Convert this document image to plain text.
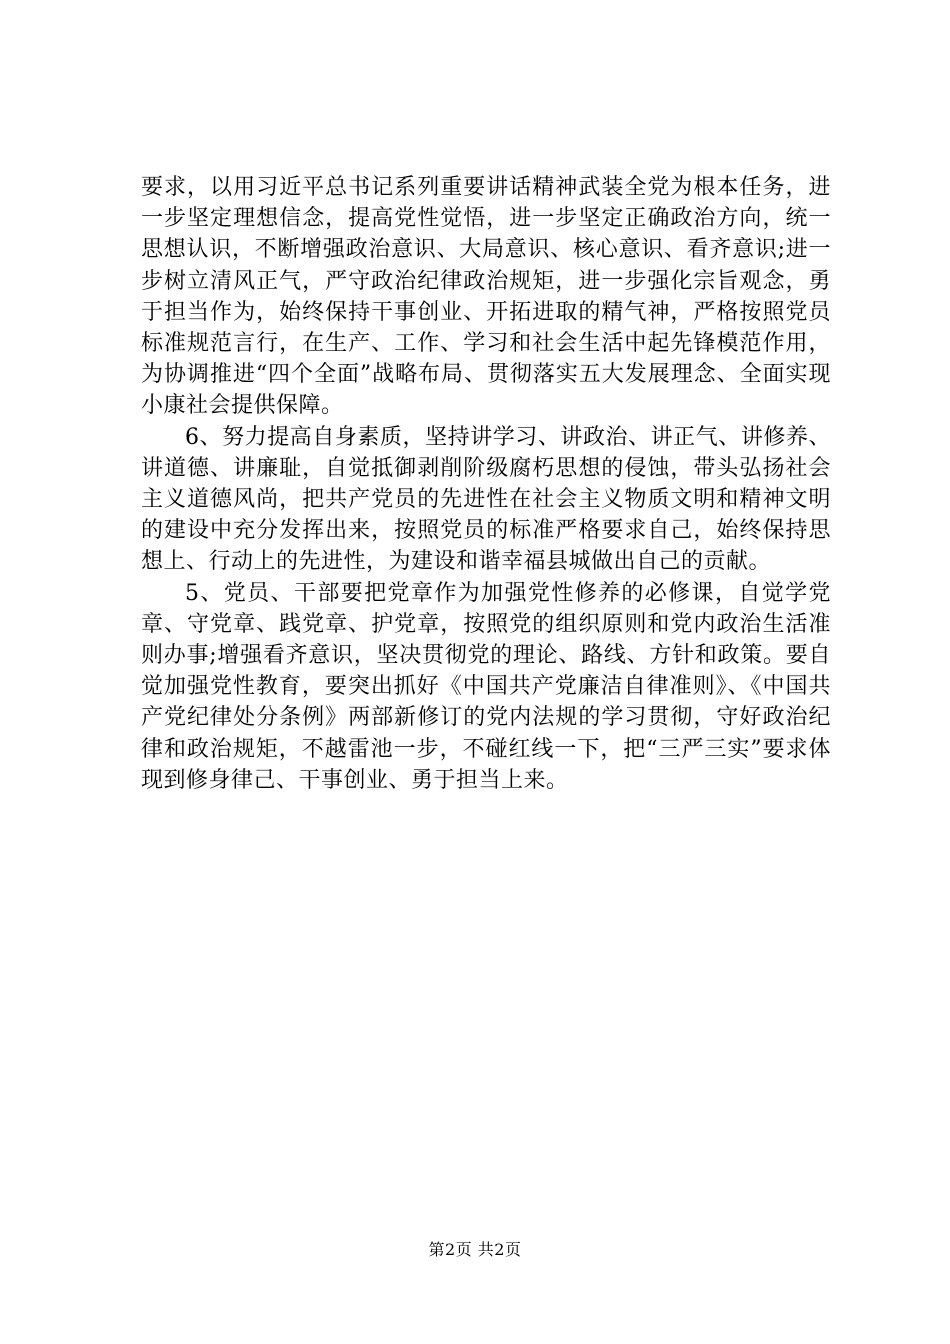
要求，以用习近平总书记系列重要讲话精神武装全党为根本任务，进一步坚定理想信念，提高党性觉悟，进一步坚定正确政治方向，统一思想认识，不断增强政治意识、大局意识、核心意识、看齐意识;进一步树立清风正气，严守政治纪律政治规矩，进一步强化宗旨观念，勇于担当作为，始终保持干事创业、开拓进取的精气神，严格按照党员标准规范言行，在生产、工作、学习和社会生活中起先锋模范作用，为协调推进“四个全面”战略布局、贯彻落实五大发展理念、全面实现小康社会提供保障。

6、努力提高自身素质，坚持讲学习、讲政治、讲正气、讲修养、讲道德、讲廉耻，自觉抵御剥削阶级腐朽思想的侵蚀，带头弘扬社会主义道德风尚，把共产党员的先进性在社会主义物质文明和精神文明的建设中充分发挥出来，按照党员的标准严格要求自己，始终保持思想上、行动上的先进性，为建设和谐幸福县城做出自己的贡献。

5、党员、干部要把党章作为加强党性修养的必修课，自觉学党章、守党章、践党章、护党章，按照党的组织原则和党内政治生活准则办事;增强看齐意识，坚决贯彻党的理论、路线、方针和政策。要自觉加强党性教育，要突出抓好《中国共产党廉洁自律准则》、《中国共产党纪律处分条例》两部新修订的党内法规的学习贯彻，守好政治纪律和政治规矩，不越雷池一步，不碰红线一下，把“三严三实”要求体现到修身律己、干事创业、勇于担当上来。

第2页 共2页
